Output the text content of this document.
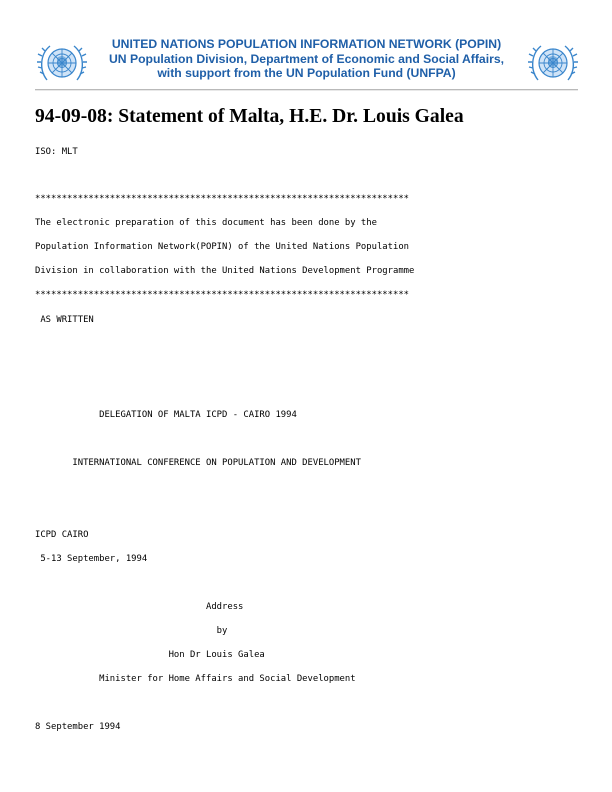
UNITED NATIONS POPULATION INFORMATION NETWORK (POPIN)
UN Population Division, Department of Economic and Social Affairs,
with support from the UN Population Fund (UNFPA)
94-09-08: Statement of Malta, H.E. Dr. Louis Galea

ISO: MLT

**********************************************************************

The electronic preparation of this document has been done by the

Population Information Network(POPIN) of the United Nations Population

Division in collaboration with the United Nations Development Programme

**********************************************************************

AS WRITTEN

DELEGATION OF MALTA ICPD - CAIRO 1994

INTERNATIONAL CONFERENCE ON POPULATION AND DEVELOPMENT

ICPD CAIRO

5-13 September, 1994

Address

by

Hon Dr Louis Galea

Minister for Home Affairs and Social Development

8 September 1994
